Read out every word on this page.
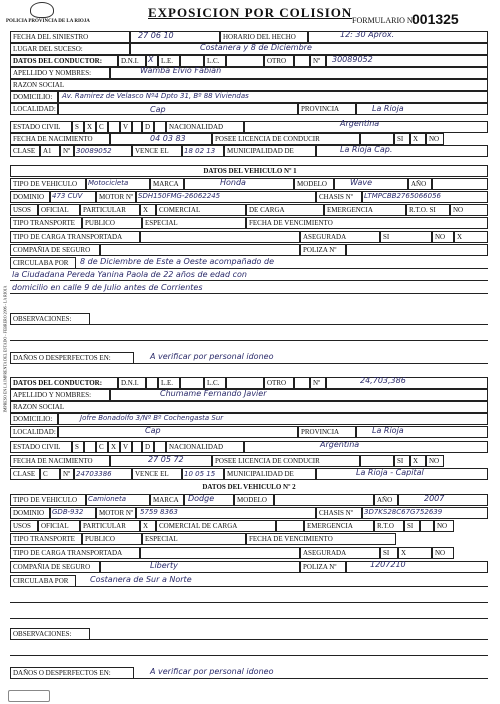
POLICIA PROVINCIA DE LA RIOJA
EXPOSICION POR COLISION
FORMULARIO Nº
001325
IMPRESO EN LA IMPRENTA DEL ESTADO - FEBRERO 2006 - LA RIOJA
FECHA DEL SINIESTRO	27 06 10	HORARIO DEL HECHO	12: 30 Aprox.
LUGAR DEL SUCESO:	Costanera y 8 de Diciembre
DATOS DEL CONDUCTOR:	D.N.I.	X	L.E.	L.C.	OTRO	Nº	30089052
APELLIDO Y NOMBRES:	Wamba Elvio Fabian
RAZON SOCIAL
DOMICILIO:	Av. Ramirez de Velasco Nº4 Dpto 31, Bº 88 Viviendas
LOCALIDAD:	Cap	PROVINCIA	La Rioja
ESTADO CIVIL	S	X C	V	D	NACIONALIDAD	Argentina
FECHA DE NACIMIENTO	04 03 83	POSEE LICENCIA DE CONDUCIR	SI	X	NO
CLASE	A1	Nº 30089052	VENCE EL	18 02 13	MUNICIPALIDAD DE	La Rioja Cap.
DATOS DEL VEHICULO Nº 1
TIPO DE VEHICULO	Motocicleta	MARCA	Honda	MODELO	Wave	AÑO
DOMINIO	473 CUV	MOTOR Nº SDH150FMG-26062245	CHASIS Nº	LTMPCBB2765066056
USOS	OFICIAL	PARTICULAR	X	COMERCIAL	DE CARGA	EMERGENCIA	R.T.O. SI	NO
TIPO TRANSPORTE	PUBLICO	ESPECIAL	FECHA DE VENCIMIENTO
TIPO DE CARGA TRANSPORTADA	ASEGURADA	SI	NO	X
COMPAÑIA DE SEGURO	POLIZA Nº
CIRCULABA POR	8 de Diciembre de Este a Oeste acompañado de
la Ciudadana Pereda Yanina Paola de 22 años de edad con
domicilio en calle 9 de Julio antes de Corrientes
OBSERVACIONES:
DAÑOS O DESPERFECTOS EN:	A verificar por personal idoneo
DATOS DEL CONDUCTOR:	D.N.I.	L.E.	L.C.	OTRO	Nº	24,703,386
APELLIDO Y NOMBRES:	Chumame Fernando Javier
RAZON SOCIAL
DOMICILIO:	Jofre Bonadolfo 3/Nº Bº Cochengasta Sur
LOCALIDAD:	Cap	PROVINCIA	La Rioja
ESTADO CIVIL	S	C	X V	D	NACIONALIDAD	Argentina
FECHA DE NACIMIENTO	27 05 72	POSEE LICENCIA DE CONDUCIR	SI	X	NO
CLASE	C	Nº 24703386	VENCE EL	10 05 15	MUNICIPALIDAD DE	La Rioja - Capital
DATOS DEL VEHICULO Nº 2
TIPO DE VEHICULO	Camioneta	MARCA	Dodge	MODELO	AÑO	2007
DOMINIO	GDB-932	MOTOR Nº 5759 8363	CHASIS Nº	3D7KS28C67G752639
USOS	OFICIAL	PARTICULAR	X	COMERCIAL DE CARGA	EMERGENCIA	R.T.O	SI	NO
TIPO TRANSPORTE	PUBLICO	ESPECIAL	FECHA DE VENCIMIENTO
TIPO DE CARGA TRANSPORTADA	ASEGURADA	SI	X	NO
COMPAÑIA DE SEGURO	Liberty	POLIZA Nº	1207210
CIRCULABA POR	Costanera de Sur a Norte
OBSERVACIONES:
DAÑOS O DESPERFECTOS EN:	A verificar por personal idoneo
